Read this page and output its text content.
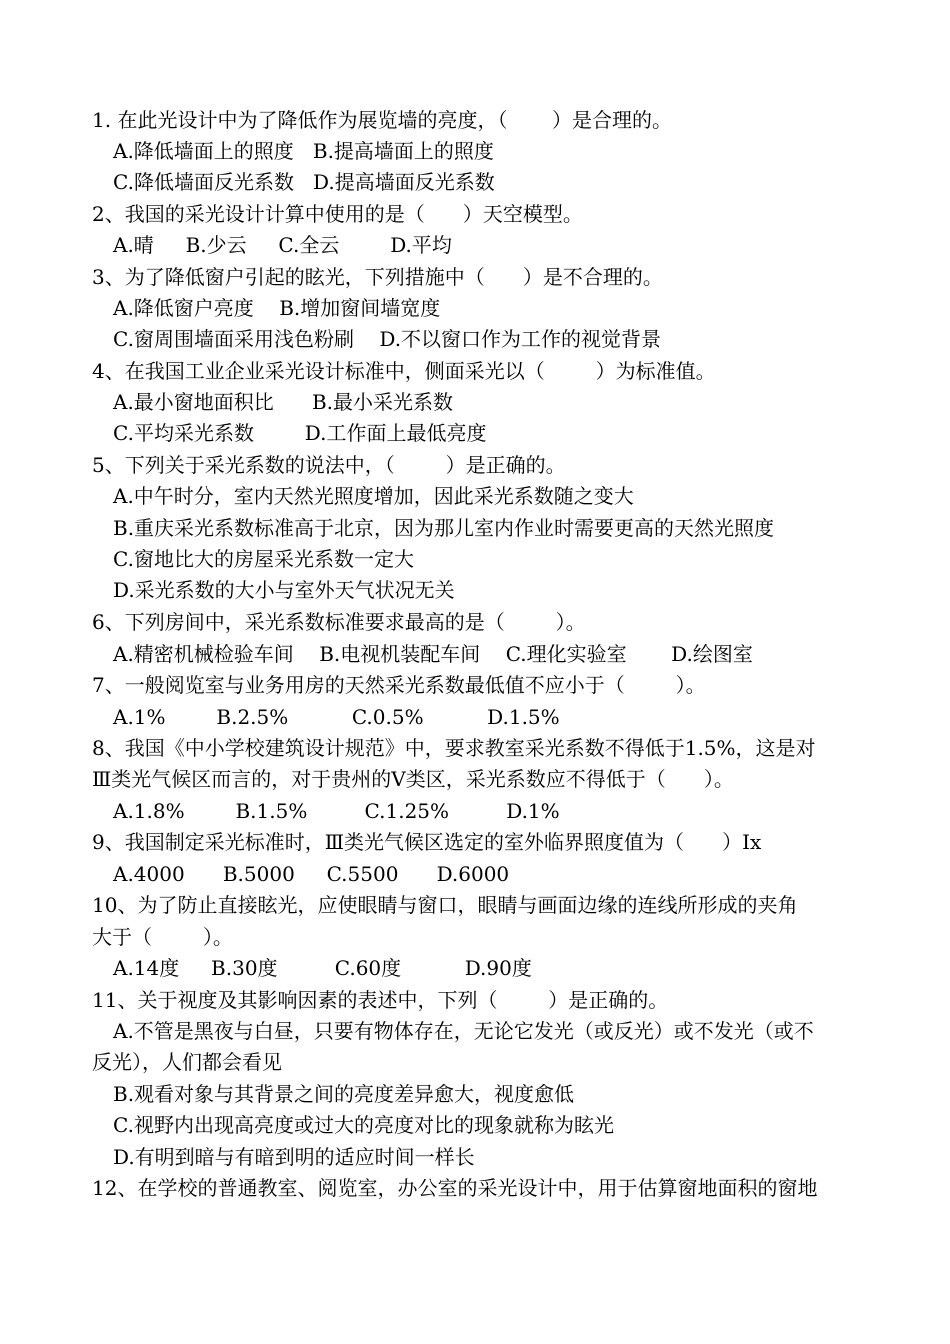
1. 在此光设计中为了降低作为展览墙的亮度，（       ）是合理的。
A.降低墙面上的照度   B.提高墙面上的照度
C.降低墙面反光系数   D.提高墙面反光系数
2、我国的采光设计计算中使用的是（      ）天空模型。
A.晴     B.少云     C.全云        D.平均
3、为了降低窗户引起的眩光，下列措施中（      ）是不合理的。
A.降低窗户亮度    B.增加窗间墙宽度
C.窗周围墙面采用浅色粉刷    D.不以窗口作为工作的视觉背景
4、在我国工业企业采光设计标准中，侧面采光以（        ）为标准值。
A.最小窗地面积比      B.最小采光系数
C.平均采光系数        D.工作面上最低亮度
5、下列关于采光系数的说法中，（        ）是正确的。
A.中午时分，室内天然光照度增加，因此采光系数随之变大
B.重庆采光系数标准高于北京，因为那儿室内作业时需要更高的天然光照度
C.窗地比大的房屋采光系数一定大
D.采光系数的大小与室外天气状况无关
6、下列房间中，采光系数标准要求最高的是（        ）。
A.精密机械检验车间    B.电视机装配车间    C.理化实验室       D.绘图室
7、一般阅览室与业务用房的天然采光系数最低值不应小于（        ）。
A.1%        B.2.5%          C.0.5%          D.1.5%
8、我国《中小学校建筑设计规范》中，要求教室采光系数不得低于1.5%，这是对
Ⅲ类光气候区而言的，对于贵州的Ⅴ类区，采光系数应不得低于（      ）。
A.1.8%        B.1.5%         C.1.25%         D.1%
9、我国制定采光标准时，Ⅲ类光气候区选定的室外临界照度值为（      ）Ix
A.4000      B.5000     C.5500      D.6000
10、为了防止直接眩光，应使眼睛与窗口，眼睛与画面边缘的连线所形成的夹角
大于（        ）。
A.14度     B.30度         C.60度          D.90度
11、关于视度及其影响因素的表述中，下列（        ）是正确的。
A.不管是黑夜与白昼，只要有物体存在，无论它发光（或反光）或不发光（或不
反光），人们都会看见
B.观看对象与其背景之间的亮度差异愈大，视度愈低
C.视野内出现高亮度或过大的亮度对比的现象就称为眩光
D.有明到暗与有暗到明的适应时间一样长
12、在学校的普通教室、阅览室，办公室的采光设计中，用于估算窗地面积的窗地
